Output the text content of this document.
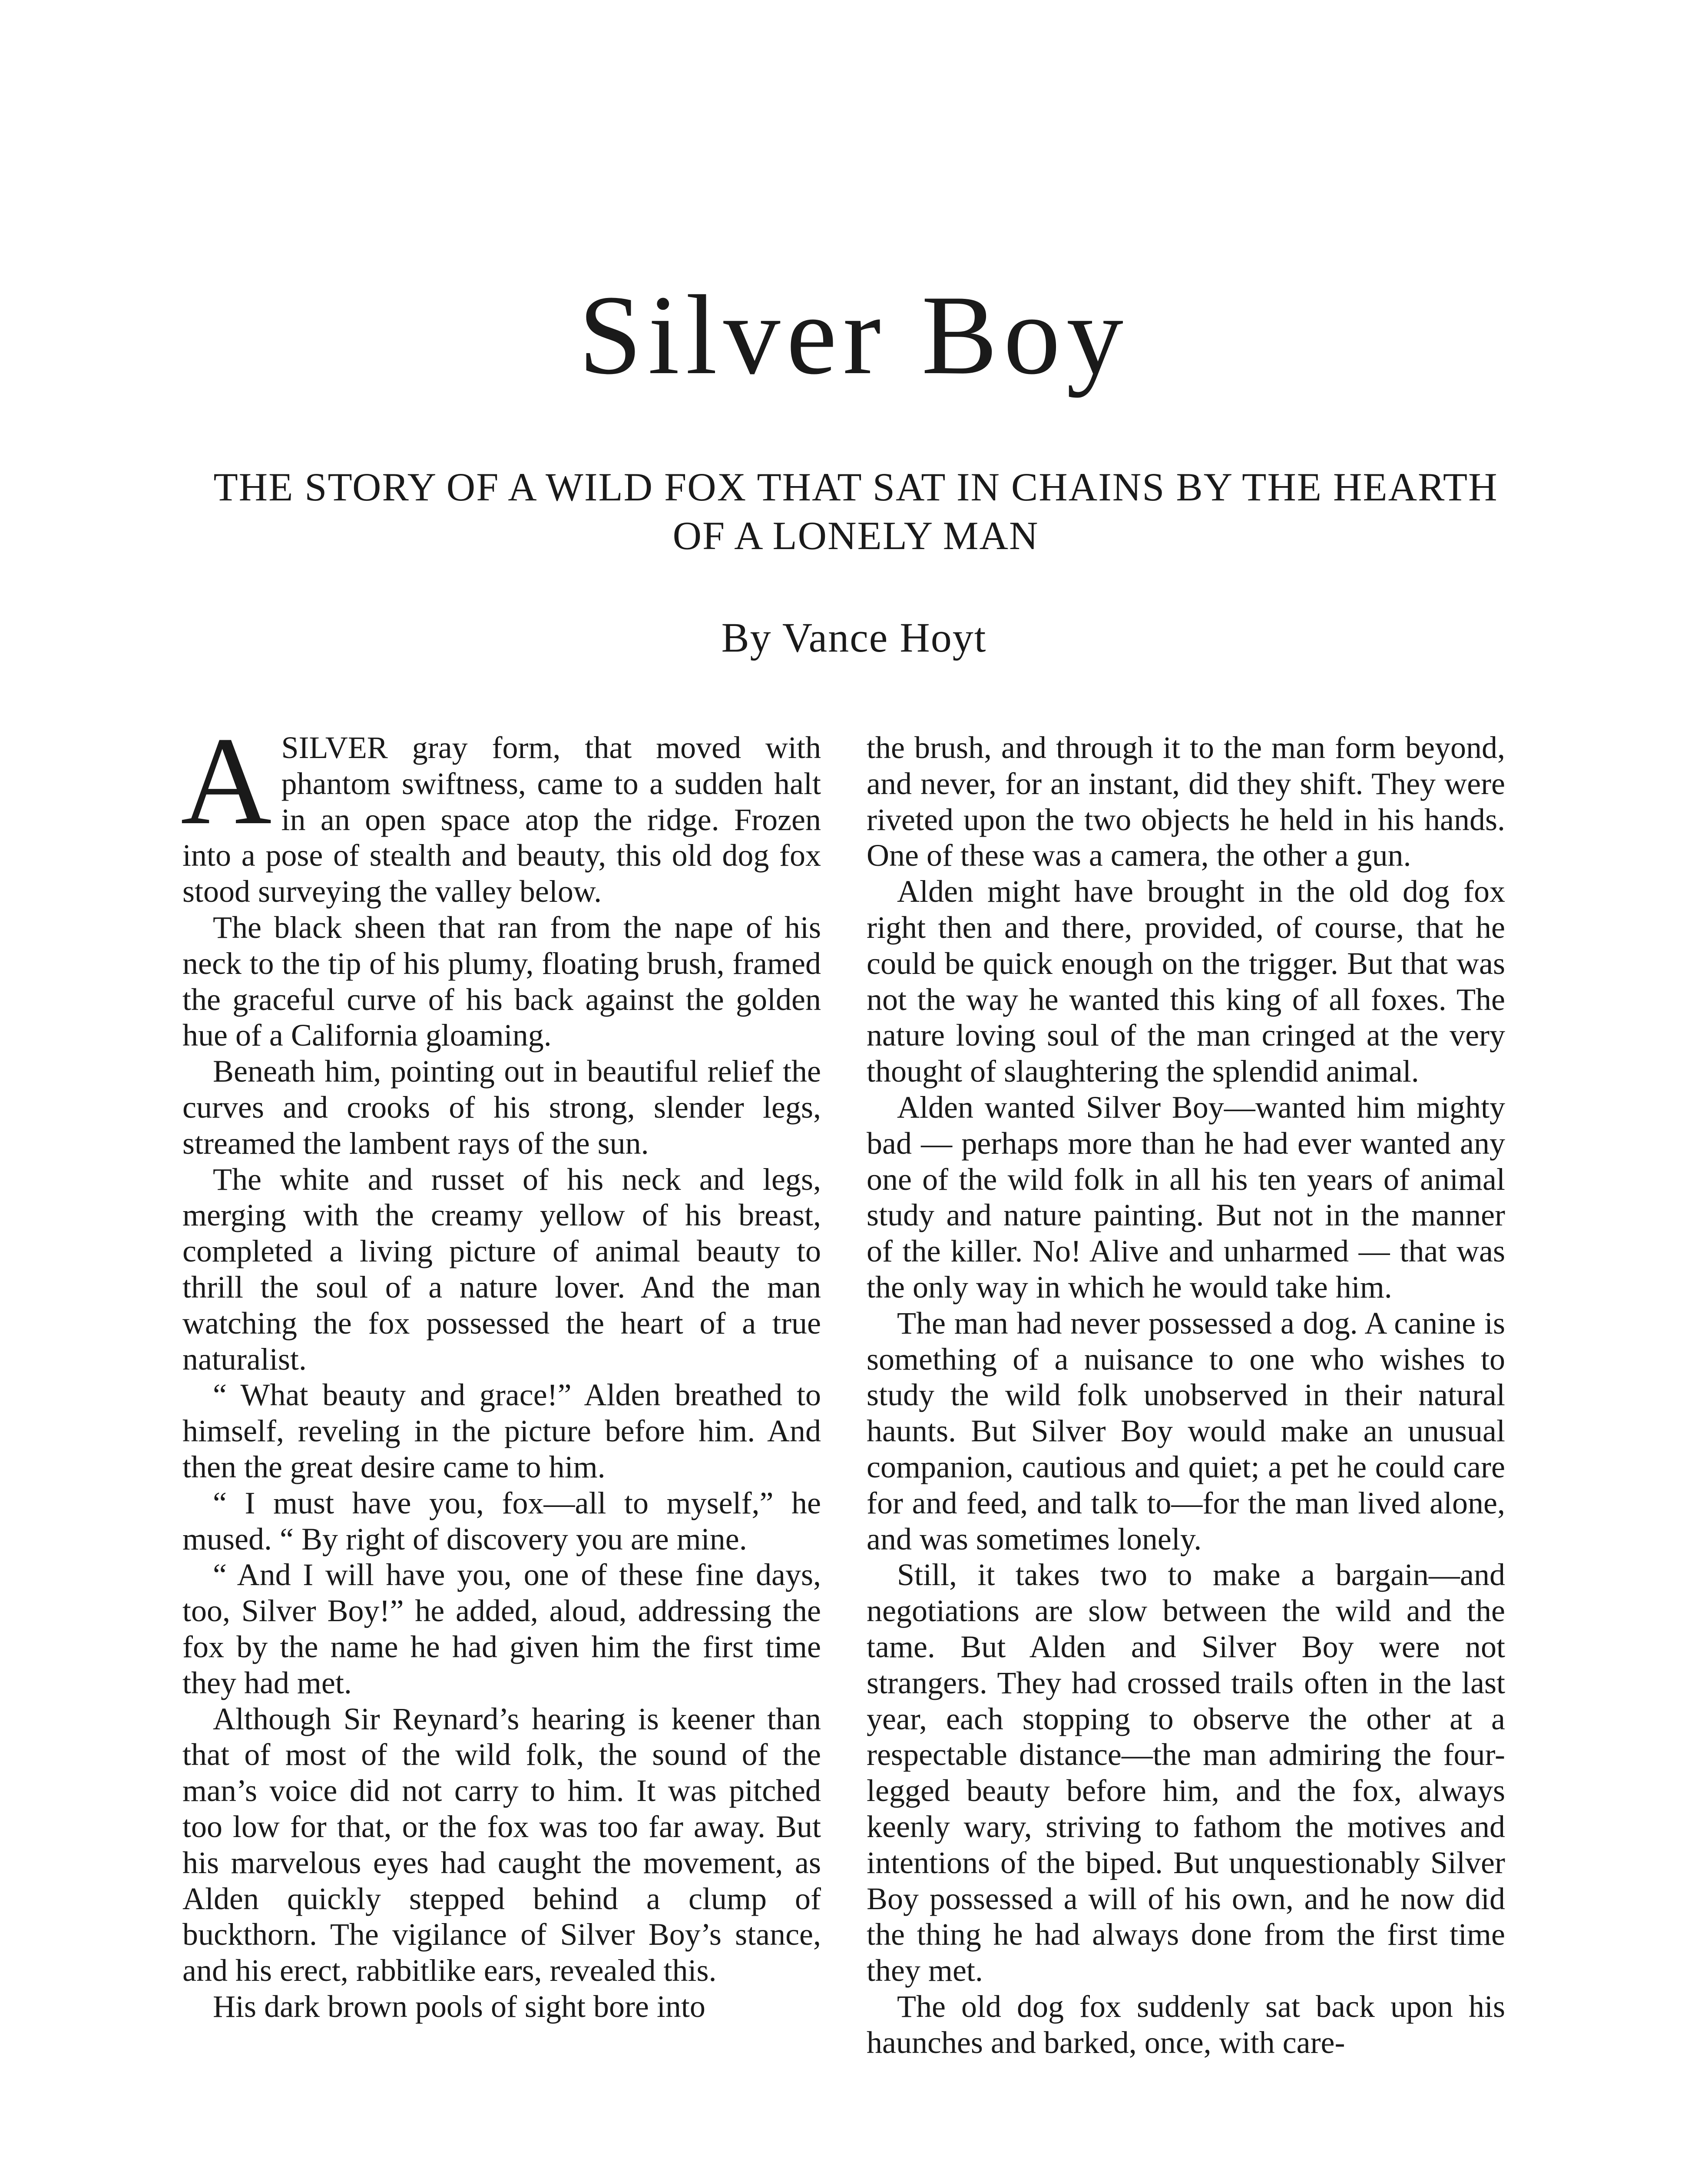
Silver Boy
THE STORY OF A WILD FOX THAT SAT IN CHAINS BY THE HEARTH OF A LONELY MAN
By Vance Hoyt

ASILVER gray form, that moved with phantom swiftness, came to a sudden halt in an open space atop the ridge. Frozen into a pose of stealth and beauty, this old dog fox stood surveying the valley below.

The black sheen that ran from the nape of his neck to the tip of his plumy, floating brush, framed the graceful curve of his back against the golden hue of a California gloaming.

Beneath him, pointing out in beautiful relief the curves and crooks of his strong, slender legs, streamed the lambent rays of the sun.

The white and russet of his neck and legs, merging with the creamy yellow of his breast, completed a living picture of animal beauty to thrill the soul of a nature lover. And the man watching the fox possessed the heart of a true naturalist.

“ What beauty and grace!” Alden breathed to himself, reveling in the picture before him. And then the great desire came to him.

“ I must have you, fox—all to myself,” he mused. “ By right of discovery you are mine.

“ And I will have you, one of these fine days, too, Silver Boy!” he added, aloud, addressing the fox by the name he had given him the first time they had met.

Although Sir Reynard’s hearing is keener than that of most of the wild folk, the sound of the man’s voice did not carry to him. It was pitched too low for that, or the fox was too far away. But his marvelous eyes had caught the movement, as Alden quickly stepped behind a clump of buckthorn. The vigilance of Silver Boy’s stance, and his erect, rabbitlike ears, revealed this.

His dark brown pools of sight bore into

the brush, and through it to the man form beyond, and never, for an instant, did they shift. They were riveted upon the two objects he held in his hands. One of these was a camera, the other a gun.

Alden might have brought in the old dog fox right then and there, provided, of course, that he could be quick enough on the trigger. But that was not the way he wanted this king of all foxes. The nature loving soul of the man cringed at the very thought of slaughtering the splendid animal.

Alden wanted Silver Boy—wanted him mighty bad — perhaps more than he had ever wanted any one of the wild folk in all his ten years of animal study and nature painting. But not in the manner of the killer. No! Alive and unharmed — that was the only way in which he would take him.

The man had never possessed a dog. A canine is something of a nuisance to one who wishes to study the wild folk unobserved in their natural haunts. But Silver Boy would make an unusual companion, cautious and quiet; a pet he could care for and feed, and talk to—for the man lived alone, and was sometimes lonely.

Still, it takes two to make a bargain—and negotiations are slow between the wild and the tame. But Alden and Silver Boy were not strangers. They had crossed trails often in the last year, each stopping to observe the other at a respectable distance—the man admiring the four-legged beauty before him, and the fox, always keenly wary, striving to fathom the motives and intentions of the biped. But unquestionably Silver Boy possessed a will of his own, and he now did the thing he had always done from the first time they met.

The old dog fox suddenly sat back upon his haunches and barked, once, with care-
